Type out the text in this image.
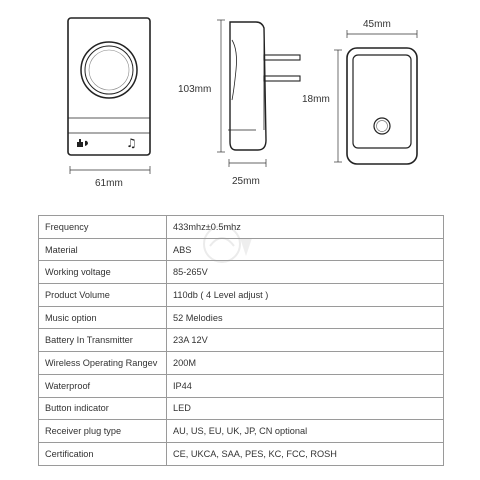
♫
61mm
103mm
25mm
45mm
18mm
Frequency	433mhz±0.5mhz
Material	ABS
Working voltage	85-265V
Product Volume	110db ( 4 Level adjust )
Music option	52 Melodies
Battery In Transmitter	23A 12V
Wireless Operating Rangev	200M
Waterproof	IP44
Button indicator	LED
Receiver plug type	AU, US, EU, UK, JP, CN optional
Certification	CE, UKCA, SAA, PES, KC, FCC, ROSH
